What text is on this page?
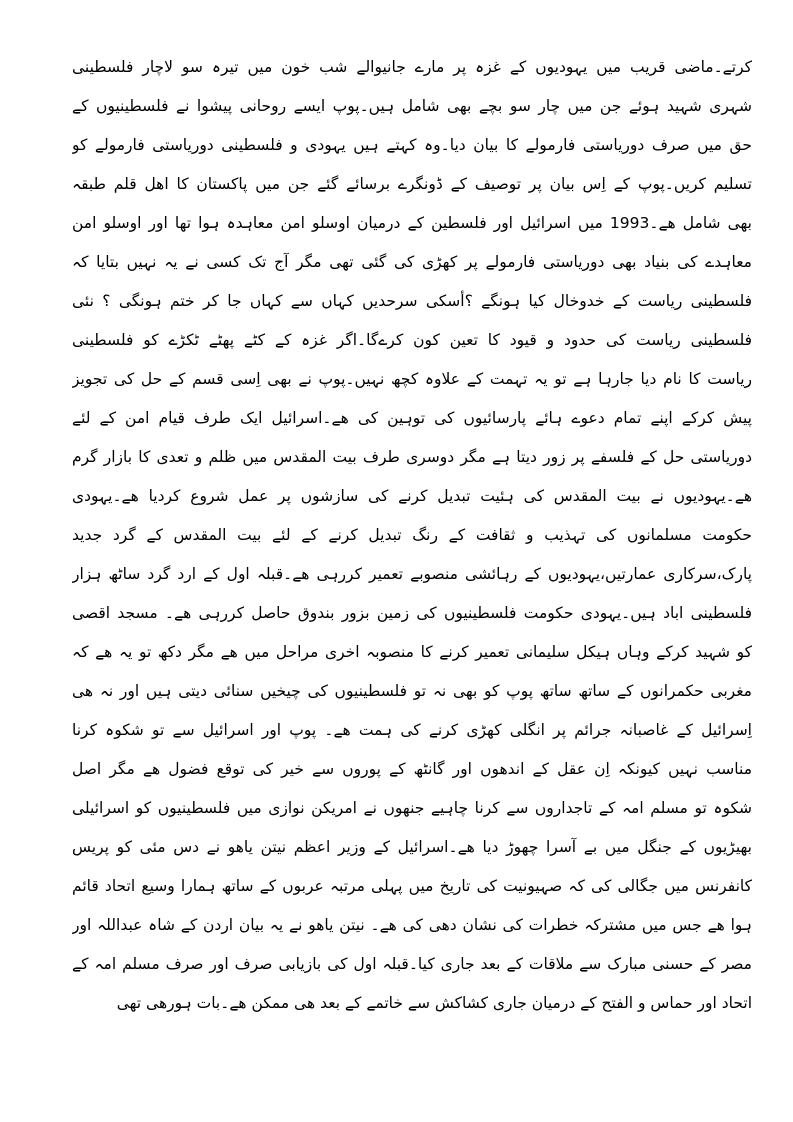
کرتے۔ماضی قریب میں یہودیوں کے غزہ پر مارے جانیوالے شب خون میں تیرہ سو لاچار فلسطینی
شہری شہید ہوئے جن میں چار سو بچے بھی شامل ہیں۔پوپ ایسے روحانی پیشوا نے فلسطینیوں کے
حق میں صرف دوریاستی فارمولے کا بیان دیا۔وہ کہتے ہیں یہودی و فلسطینی دوریاستی فارمولے کو
تسلیم کریں۔پوپ کے اِس بیان پر توصیف کے ڈونگرے برسائے گئے جن میں پاکستان کا اھل قلم طبقہ
بھی شامل ھے۔1993 میں اسرائیل اور فلسطین کے درمیان اوسلو امن معاہدہ ہوا تھا اور اوسلو امن
معاہدے کی بنیاد بھی دوریاستی فارمولے پر کھڑی کی گئی تھی مگر آج تک کسی نے یہ نہیں بتایا کہ
فلسطینی ریاست کے خدوخال کیا ہونگے ؟أسکی سرحدیں کہاں سے کہاں جا کر ختم ہونگی ؟ نئی
فلسطینی ریاست کی حدود و قیود کا تعین کون کرےگا۔اگر غزہ کے کٹے پھٹے ٹکڑے کو فلسطینی
ریاست کا نام دیا جارہا ہے تو یہ تہمت کے علاوہ کچھ نہیں۔پوپ نے بھی اِسی قسم کے حل کی تجویز
پیش کرکے اپنے تمام دعوے ہائے پارسائیوں کی توہین کی ھے۔اسرائیل ایک طرف قیام امن کے لئے
دوریاستی حل کے فلسفے پر زور دیتا ہے مگر دوسری طرف بیت المقدس میں ظلم و تعدی کا بازار گرم
ھے۔یہودیوں نے بیت المقدس کی ہئیت تبدیل کرنے کی سازشوں پر عمل شروع کردیا ھے۔یہودی
حکومت مسلمانوں کی تہذیب و ثقافت کے رنگ تبدیل کرنے کے لئے بیت المقدس کے گرد جدید
پارک،سرکاری عمارتیں،یہودیوں کے رہائشی منصوبے تعمیر کررہی ھے۔قبلہ اول کے ارد گرد ساٹھ ہزار
فلسطینی اباد ہیں۔یہودی حکومت فلسطینیوں کی زمین بزور بندوق حاصل کررہی ھے۔ مسجد اقصی
کو شہید کرکے وہاں ہیکل سلیمانی تعمیر کرنے کا منصوبہ اخری مراحل میں ھے مگر دکھ تو یہ ھے کہ
مغربی حکمرانوں کے ساتھ ساتھ پوپ کو بھی نہ تو فلسطینیوں کی چیخیں سنائی دیتی ہیں اور نہ ھی
اِسرائیل کے غاصبانہ جرائم پر انگلی کھڑی کرنے کی ہمت ھے۔ پوپ اور اسرائیل سے تو شکوہ کرنا
مناسب نہیں کیونکہ اِن عقل کے اندھوں اور گانٹھ کے پوروں سے خیر کی توقع فضول ھے مگر اصل
شکوہ تو مسلم امہ کے تاجداروں سے کرنا چاہیے جنھوں نے امریکن نوازی میں فلسطینیوں کو اسرائیلی
بھیڑیوں کے جنگل میں بے آسرا چھوڑ دیا ھے۔اسرائیل کے وزیر اعظم نیتن یاھو نے دس مئی کو پریس
کانفرنس میں جگالی کی کہ صہیونیت کی تاریخ میں پہلی مرتبہ عربوں کے ساتھ ہمارا وسیع اتحاد قائم
ہوا ھے جس میں مشترکہ خطرات کی نشان دھی کی ھے۔ نیتن یاھو نے یہ بیان اردن کے شاہ عبداللہ اور
مصر کے حسنی مبارک سے ملاقات کے بعد جاری کیا۔قبلہ اول کی بازیابی صرف اور صرف مسلم امہ کے
اتحاد اور حماس و الفتح کے درمیان جاری کشاکش سے خاتمے کے بعد ھی ممکن ھے۔بات ہورھی تھی
